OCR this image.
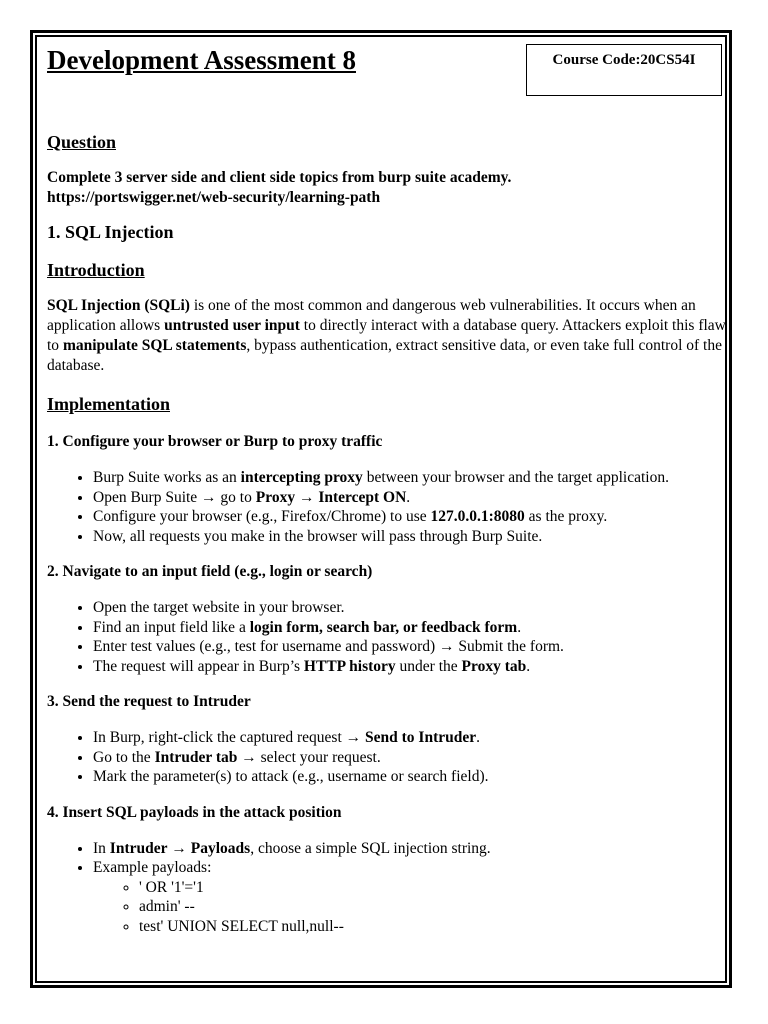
Development Assessment 8	Course Code:20CS54I
Question

Complete 3 server side and client side topics from burp suite academy.
https://portswigger.net/web-security/learning-path

1. SQL Injection
Introduction

SQL Injection (SQLi) is one of the most common and dangerous web vulnerabilities. It occurs when an application allows untrusted user input to directly interact with a database query. Attackers exploit this flaw to manipulate SQL statements, bypass authentication, extract sensitive data, or even take full control of the database.

Implementation

1. Configure your browser or Burp to proxy traffic

• Burp Suite works as an intercepting proxy between your browser and the target application.
• Open Burp Suite → go to Proxy → Intercept ON.
• Configure your browser (e.g., Firefox/Chrome) to use 127.0.0.1:8080 as the proxy.
• Now, all requests you make in the browser will pass through Burp Suite.

2. Navigate to an input field (e.g., login or search)

• Open the target website in your browser.
• Find an input field like a login form, search bar, or feedback form.
• Enter test values (e.g., test for username and password) → Submit the form.
• The request will appear in Burp’s HTTP history under the Proxy tab.

3. Send the request to Intruder

• In Burp, right-click the captured request → Send to Intruder.
• Go to the Intruder tab → select your request.
• Mark the parameter(s) to attack (e.g., username or search field).

4. Insert SQL payloads in the attack position

• In Intruder → Payloads, choose a simple SQL injection string.
• Example payloads:
◦ ' OR '1'='1
◦ admin' --
◦ test' UNION SELECT null,null--
